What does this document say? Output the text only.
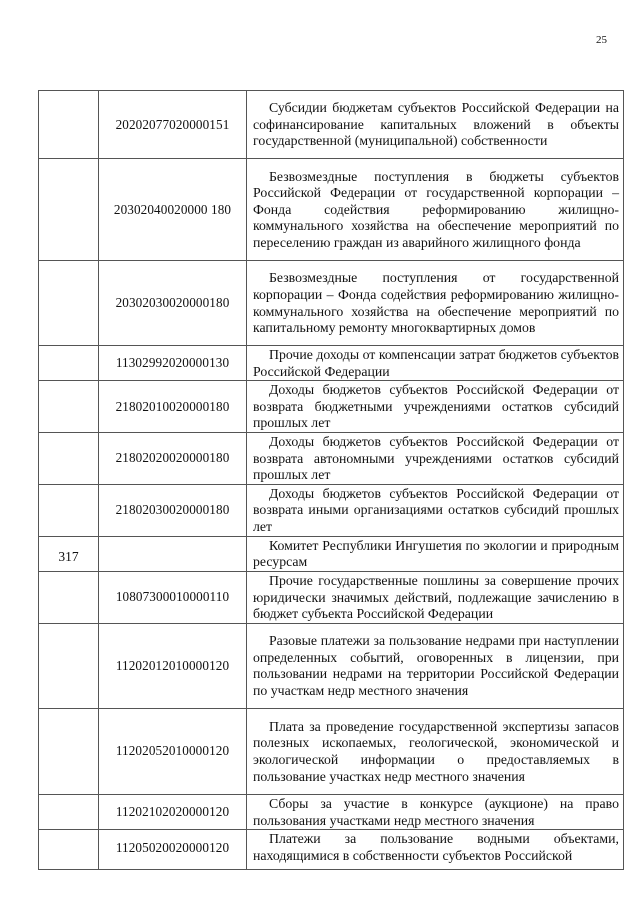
25
	20202077020000151	Субсидии бюджетам субъектов Российской Федерации на софинансирование капитальных вложений в объекты государственной (муниципальной) собственности

	20302040020000 180	Безвозмездные поступления в бюджеты субъектов Российской Федерации от государственной корпорации –Фонда содействия реформированию жилищно-коммунального хозяйства на обеспечение мероприятий по переселению граждан из аварийного жилищного фонда

	20302030020000180	Безвозмездные поступления от государственной корпорации – Фонда содействия реформированию жилищно-коммунального хозяйства на обеспечение мероприятий по капитальному ремонту многоквартирных домов

	11302992020000130	Прочие доходы от компенсации затрат бюджетов субъектов Российской Федерации

	21802010020000180	Доходы бюджетов субъектов Российской Федерации от возврата бюджетными учреждениями остатков субсидий прошлых лет

	21802020020000180	Доходы бюджетов субъектов Российской Федерации от возврата автономными учреждениями остатков субсидий прошлых лет

	21802030020000180	Доходы бюджетов субъектов Российской Федерации от возврата иными организациями остатков субсидий прошлых лет

317		Комитет Республики Ингушетия по экологии и природным ресурсам

	10807300010000110	Прочие государственные пошлины за совершение прочих юридически значимых действий, подлежащие зачислению в бюджет субъекта Российской Федерации

	11202012010000120	Разовые платежи за пользование недрами при наступлении определенных событий, оговоренных в лицензии, при пользовании недрами на территории Российской Федерации по участкам недр местного значения

	11202052010000120	Плата за проведение государственной экспертизы запасов полезных ископаемых, геологической, экономической и экологической информации о предоставляемых в пользование участках недр местного значения

	11202102020000120	Сборы за участие в конкурсе (аукционе) на право пользования участками недр местного значения

	11205020020000120	Платежи за пользование водными объектами, находящимися в собственности субъектов Российской
